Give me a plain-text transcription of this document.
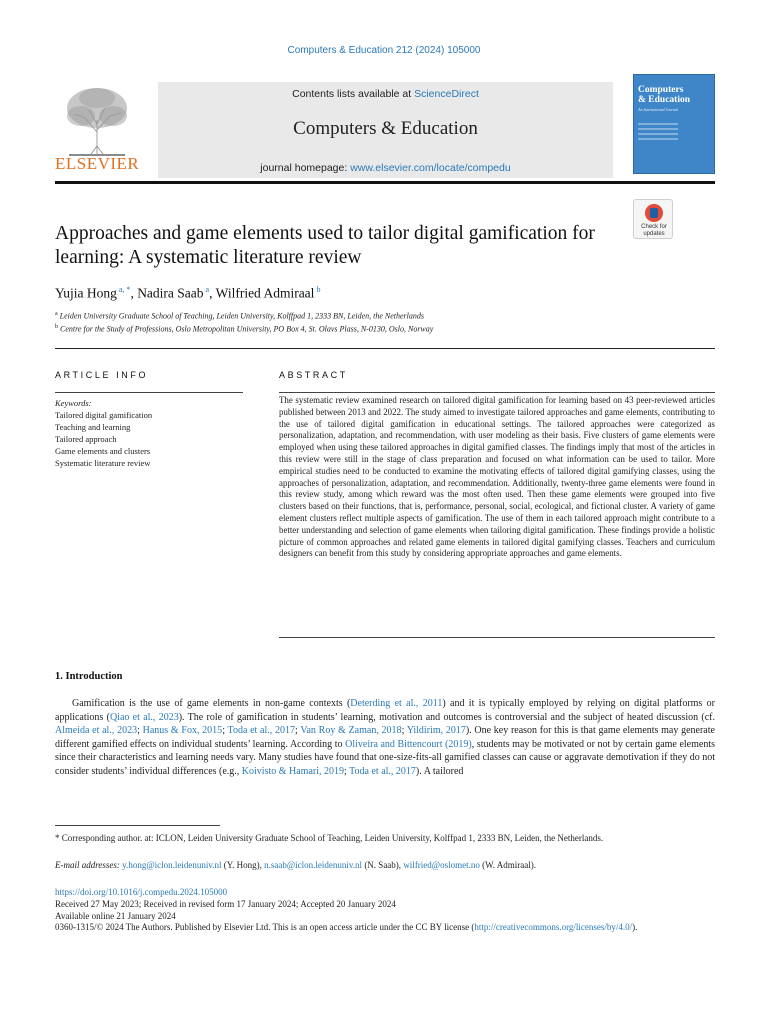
Computers & Education 212 (2024) 105000
ELSEVIER
Contents lists available at ScienceDirect
Computers & Education
journal homepage: www.elsevier.com/locate/compedu
Computers
& Education
An International Journal
Check for updates
Approaches and game elements used to tailor digital gamification for learning: A systematic literature review
Yujia Hong $^{a, *}$, Nadira Saab $^a$, Wilfried Admiraal $^b$
$^a$ Leiden University Graduate School of Teaching, Leiden University, Kolffpad 1, 2333 BN, Leiden, the Netherlands
$^b$ Centre for the Study of Professions, Oslo Metropolitan University, PO Box 4, St. Olavs Plass, N-0130, Oslo, Norway
ARTICLE INFO	ABSTRACT
Keywords:
Tailored digital gamification
Teaching and learning
Tailored approach
Game elements and clusters
Systematic literature review

The systematic review examined research on tailored digital gamification for learning based on 43 peer-reviewed articles published between 2013 and 2022. The study aimed to investigate tailored approaches and game elements, contributing to the use of tailored digital gamification in educational settings. The tailored approaches were categorized as personalization, adaptation, and recommendation, with user modeling as their basis. Five clusters of game elements were employed when using these tailored approaches in digital gamified classes. The findings imply that most of the articles in this review were still in the stage of class preparation and focused on what information can be used to tailor. More empirical studies need to be conducted to examine the motivating effects of tailored digital gamifying classes, using the approaches of personalization, adaptation, and recommendation. Additionally, twenty-three game elements were found in this review study, among which reward was the most often used. Then these game elements were grouped into five clusters based on their functions, that is, performance, personal, social, ecological, and fictional cluster. A variety of game element clusters reflect multiple aspects of gamification. The use of them in each tailored approach might contribute to a better understanding and selection of game elements when tailoring digital gamification. These findings provide a holistic picture of common approaches and related game elements in tailored digital gamifying classes. Teachers and curriculum designers can benefit from this study by considering appropriate approaches and game elements.

1. Introduction

Gamification is the use of game elements in non-game contexts (Deterding et al., 2011) and it is typically employed by relying on digital platforms or applications (Qiao et al., 2023). The role of gamification in students’ learning, motivation and outcomes is controversial and the subject of heated discussion (cf. Almeida et al., 2023; Hanus & Fox, 2015; Toda et al., 2017; Van Roy & Zaman, 2018; Yildirim, 2017). One key reason for this is that game elements may generate different gamified effects on individual students’ learning. According to Oliveira and Bittencourt (2019), students may be motivated or not by certain game elements since their characteristics and learning needs vary. Many studies have found that one-size-fits-all gamified classes can cause or aggravate demotivation if they do not consider students’ individual differences (e.g., Koivisto & Hamari, 2019; Toda et al., 2017). A tailored

* Corresponding author. at: ICLON, Leiden University Graduate School of Teaching, Leiden University, Kolffpad 1, 2333 BN, Leiden, the Netherlands.

E-mail addresses: y.hong@iclon.leidenuniv.nl (Y. Hong), n.saab@iclon.leidenuniv.nl (N. Saab), wilfried@oslomet.no (W. Admiraal).

https://doi.org/10.1016/j.compedu.2024.105000
Received 27 May 2023; Received in revised form 17 January 2024; Accepted 20 January 2024
Available online 21 January 2024
0360-1315/© 2024 The Authors. Published by Elsevier Ltd. This is an open access article under the CC BY license (http://creativecommons.org/licenses/by/4.0/).
